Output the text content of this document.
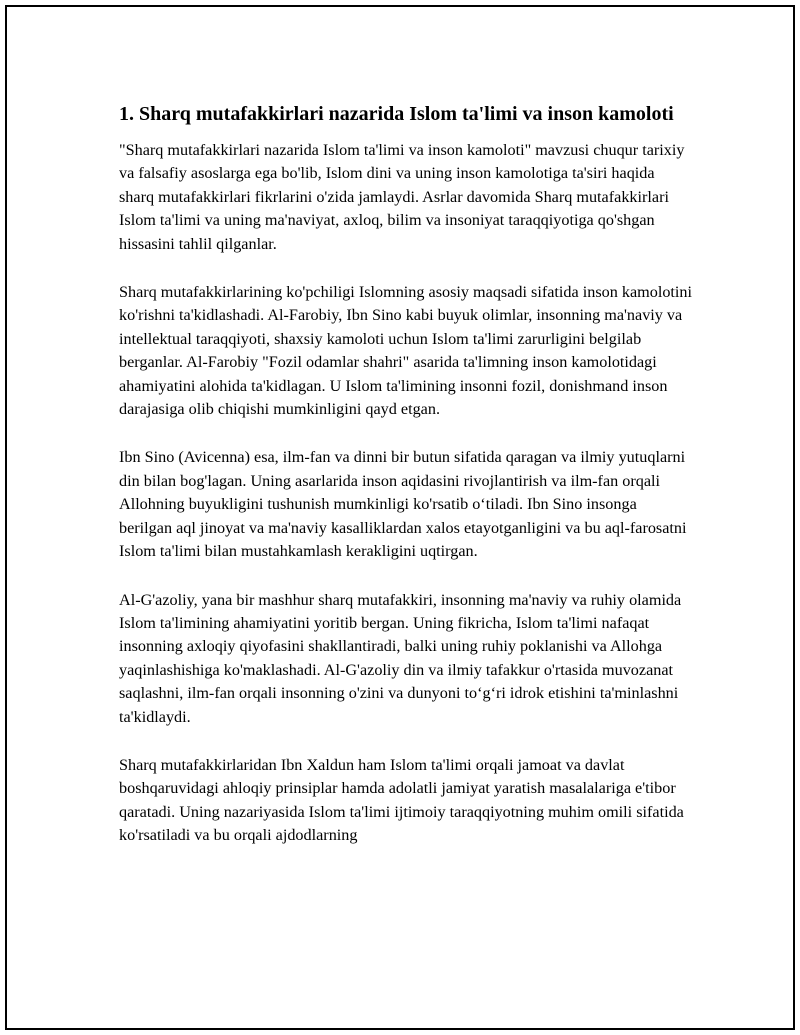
1. Sharq mutafakkirlari nazarida Islom ta'limi va inson kamoloti

"Sharq mutafakkirlari nazarida Islom ta'limi va inson kamoloti" mavzusi chuqur tarixiy va falsafiy asoslarga ega bo'lib, Islom dini va uning inson kamolotiga ta'siri haqida sharq mutafakkirlari fikrlarini o'zida jamlaydi. Asrlar davomida Sharq mutafakkirlari Islom ta'limi va uning ma'naviyat, axloq, bilim va insoniyat taraqqiyotiga qo'shgan hissasini tahlil qilganlar.

Sharq mutafakkirlarining ko'pchiligi Islomning asosiy maqsadi sifatida inson kamolotini ko'rishni ta'kidlashadi. Al-Farobiy, Ibn Sino kabi buyuk olimlar, insonning ma'naviy va intellektual taraqqiyoti, shaxsiy kamoloti uchun Islom ta'limi zarurligini belgilab berganlar. Al-Farobiy "Fozil odamlar shahri" asarida ta'limning inson kamolotidagi ahamiyatini alohida ta'kidlagan. U Islom ta'limining insonni fozil, donishmand inson darajasiga olib chiqishi mumkinligini qayd etgan.

Ibn Sino (Avicenna) esa, ilm-fan va dinni bir butun sifatida qaragan va ilmiy yutuqlarni din bilan bog'lagan. Uning asarlarida inson aqidasini rivojlantirish va ilm-fan orqali Allohning buyukligini tushunish mumkinligi ko'rsatib o‘tiladi. Ibn Sino insonga berilgan aql jinoyat va ma'naviy kasalliklardan xalos etayotganligini va bu aql-farosatni Islom ta'limi bilan mustahkamlash kerakligini uqtirgan.

Al-G'azoliy, yana bir mashhur sharq mutafakkiri, insonning ma'naviy va ruhiy olamida Islom ta'limining ahamiyatini yoritib bergan. Uning fikricha, Islom ta'limi nafaqat insonning axloqiy qiyofasini shakllantiradi, balki uning ruhiy poklanishi va Allohga yaqinlashishiga ko'maklashadi. Al-G'azoliy din va ilmiy tafakkur o'rtasida muvozanat saqlashni, ilm-fan orqali insonning o'zini va dunyoni to‘g‘ri idrok etishini ta'minlashni ta'kidlaydi.

Sharq mutafakkirlaridan Ibn Xaldun ham Islom ta'limi orqali jamoat va davlat boshqaruvidagi ahloqiy prinsiplar hamda adolatli jamiyat yaratish masalalariga e'tibor qaratadi. Uning nazariyasida Islom ta'limi ijtimoiy taraqqiyotning muhim omili sifatida ko'rsatiladi va bu orqali ajdodlarning
